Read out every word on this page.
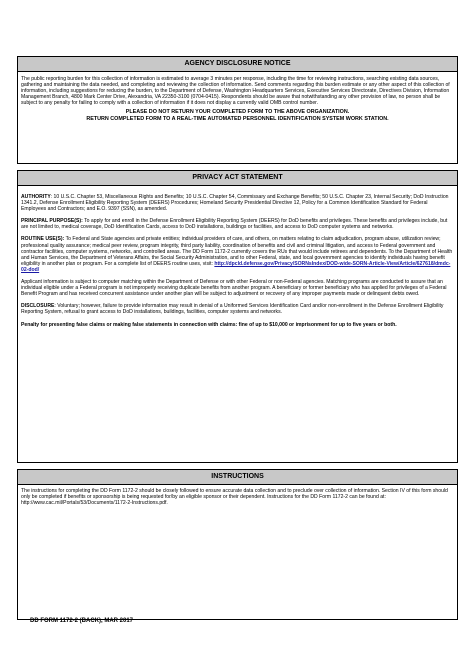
AGENCY DISCLOSURE NOTICE

The public reporting burden for this collection of information is estimated to average 3 minutes per response, including the time for reviewing instructions, searching existing data sources, gathering and maintaining the data needed, and completing and reviewing the collection of information. Send comments regarding this burden estimate or any other aspect of this collection of information, including suggestions for reducing the burden, to the Department of Defense, Washington Headquarters Services, Executive Services Directorate, Directives Division, Information Management Branch, 4800 Mark Center Drive, Alexandria, VA 22350-3100 (0704-0415). Respondents should be aware that notwithstanding any other provision of law, no person shall be subject to any penalty for failing to comply with a collection of information if it does not display a currently valid OMB control number.

PLEASE DO NOT RETURN YOUR COMPLETED FORM TO THE ABOVE ORGANIZATION.

RETURN COMPLETED FORM TO A REAL-TIME AUTOMATED PERSONNEL IDENTIFICATION SYSTEM WORK STATION.

PRIVACY ACT STATEMENT

AUTHORITY: 10 U.S.C. Chapter 53, Miscellaneous Rights and Benefits; 10 U.S.C. Chapter 54, Commissary and Exchange Benefits; 50 U.S.C. Chapter 23, Internal Security; DoD Instruction 1341.2, Defense Enrollment Eligibility Reporting System (DEERS) Procedures; Homeland Security Presidential Directive 12, Policy for a Common Identification Standard for Federal Employees and Contractors; and E.O. 9397 (SSN), as amended.

PRINCIPAL PURPOSE(S): To apply for and enroll in the Defense Enrollment Eligibility Reporting System (DEERS) for DoD benefits and privileges. These benefits and privileges include, but are not limited to, medical coverage, DoD Identification Cards, access to DoD installations, buildings or facilities, and access to DoD computer systems and networks.

ROUTINE USE(S): To Federal and State agencies and private entities; individual providers of care, and others, on matters relating to claim adjudication, program abuse, utilization review; professional quality assurance; medical peer review, program integrity, third party liability, coordination of benefits and civil and criminal litigation, and access to Federal government and contractor facilities, computer systems, networks, and controlled areas. The DD Form 1172-2 currently covers the RUs that would include retirees and dependents. To the Department of Health and Human Services, the Department of Veterans Affairs, the Social Security Administration, and to other Federal, state, and local government agencies to identify individuals having benefit eligibility in another plan or program. For a complete list of DEERS routine uses, visit: http://dpcld.defense.gov/Privacy/SORNsIndex/DOD-wide-SORN-Article-View/Article/627618/dmdc-02-dod/

Applicant information is subject to computer matching within the Department of Defense or with other Federal or non-Federal agencies. Matching programs are conducted to assure that an individual eligible under a Federal program is not improperly receiving duplicate benefits from another program. A beneficiary or former beneficiary who has applied for privileges of a Federal Benefit Program and has received concurrent assistance under another plan will be subject to adjustment or recovery of any improper payments made or delinquent debts owed.

DISCLOSURE: Voluntary; however, failure to provide information may result in denial of a Uniformed Services Identification Card and/or non-enrollment in the Defense Enrollment Eligibility Reporting System, refusal to grant access to DoD installations, buildings, facilities, computer systems and networks.

Penalty for presenting false claims or making false statements in connection with claims: fine of up to $10,000 or imprisonment for up to five years or both.

INSTRUCTIONS

The instructions for completing the DD Form 1172-2 should be closely followed to ensure accurate data collection and to preclude over collection of information. Section IV of this form should only be completed if benefits or sponsorship is being requested for/by an eligible sponsor or their dependent. Instructions for the DD Form 1172-2 can be found at: http://www.cac.mil/Portals/53/Documents/1172-2-Instructions.pdf.

DD FORM 1172-2 (BACK), MAR 2017
